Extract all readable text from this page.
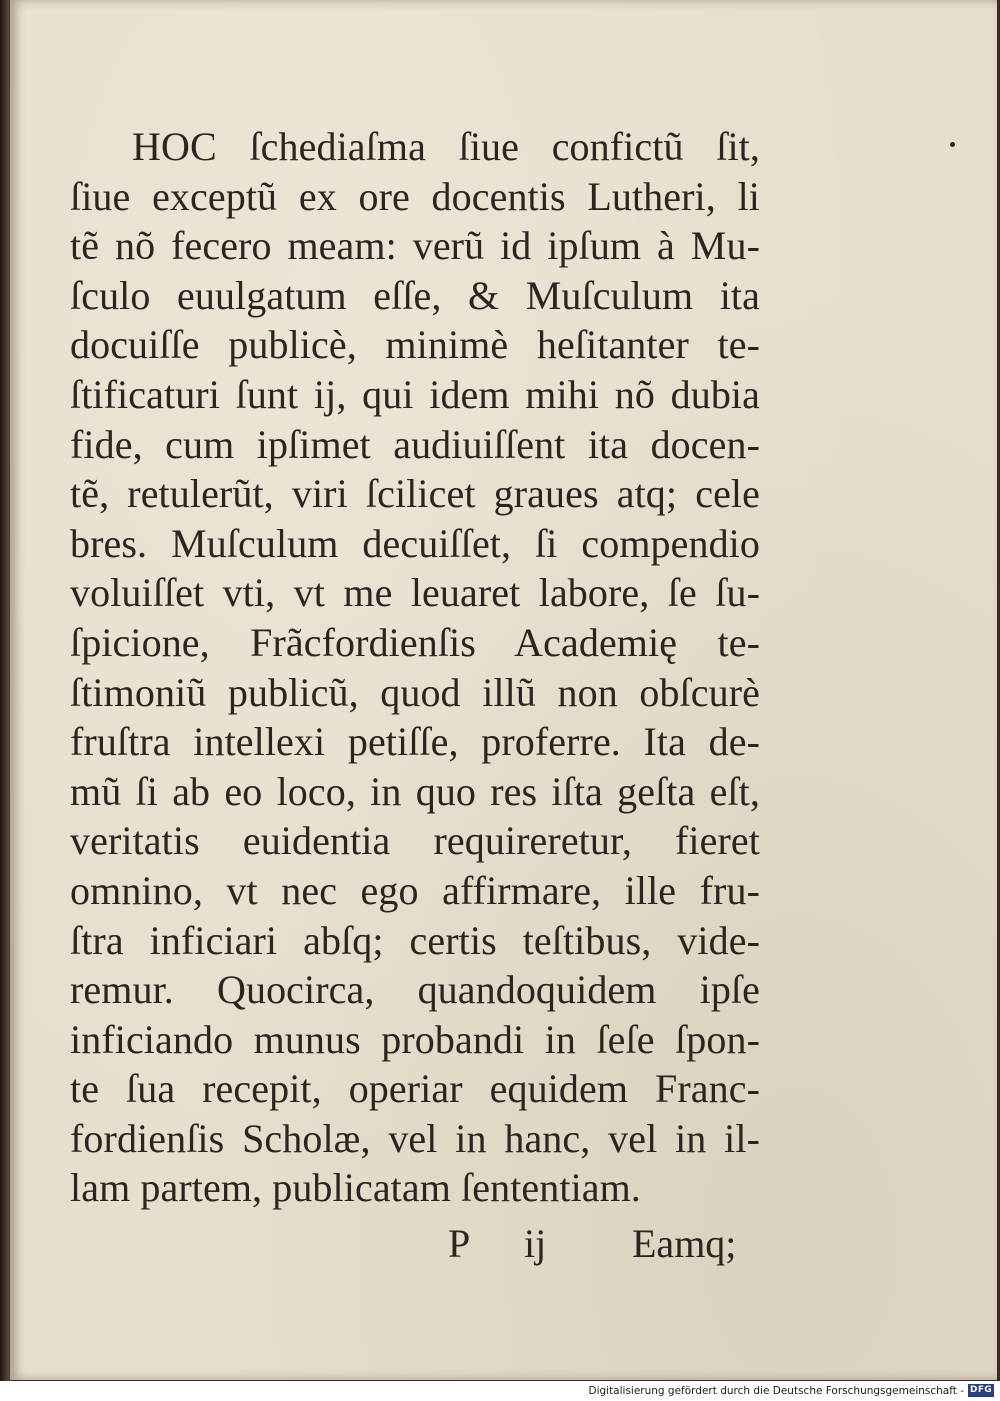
HOC ſchediaſma ſiue confictũ ſit,
ſiue exceptũ ex ore docentis Lutheri, li
tẽ nõ fecero meam: verũ id ipſum à Mu-
ſculo euulgatum eſſe, & Muſculum ita
docuiſſe publicè, minimè heſitanter te-
ſtificaturi ſunt ij, qui idem mihi nõ dubia
fide, cum ipſimet audiuiſſent ita docen-
tẽ, retulerũt, viri ſcilicet graues atq; cele
bres. Muſculum decuiſſet, ſi compendio
voluiſſet vti, vt me leuaret labore, ſe ſu-
ſpicione, Frãcfordienſis Academię te-
ſtimoniũ publicũ, quod illũ non obſcurè
fruſtra intellexi petiſſe, proferre. Ita de-
mũ ſi ab eo loco, in quo res iſta geſta eſt,
veritatis euidentia requireretur, fieret
omnino, vt nec ego affirmare, ille fru-
ſtra inficiari abſq; certis teſtibus, vide-
remur. Quocirca, quandoquidem ipſe
inficiando munus probandi in ſeſe ſpon-
te ſua recepit, operiar equidem Franc-
fordienſis Scholæ, vel in hanc, vel in il-
lam partem, publicatam ſententiam.
P ij Eamq;
Digitalisierung gefördert durch die Deutsche Forschungsgemeinschaft - DFG
